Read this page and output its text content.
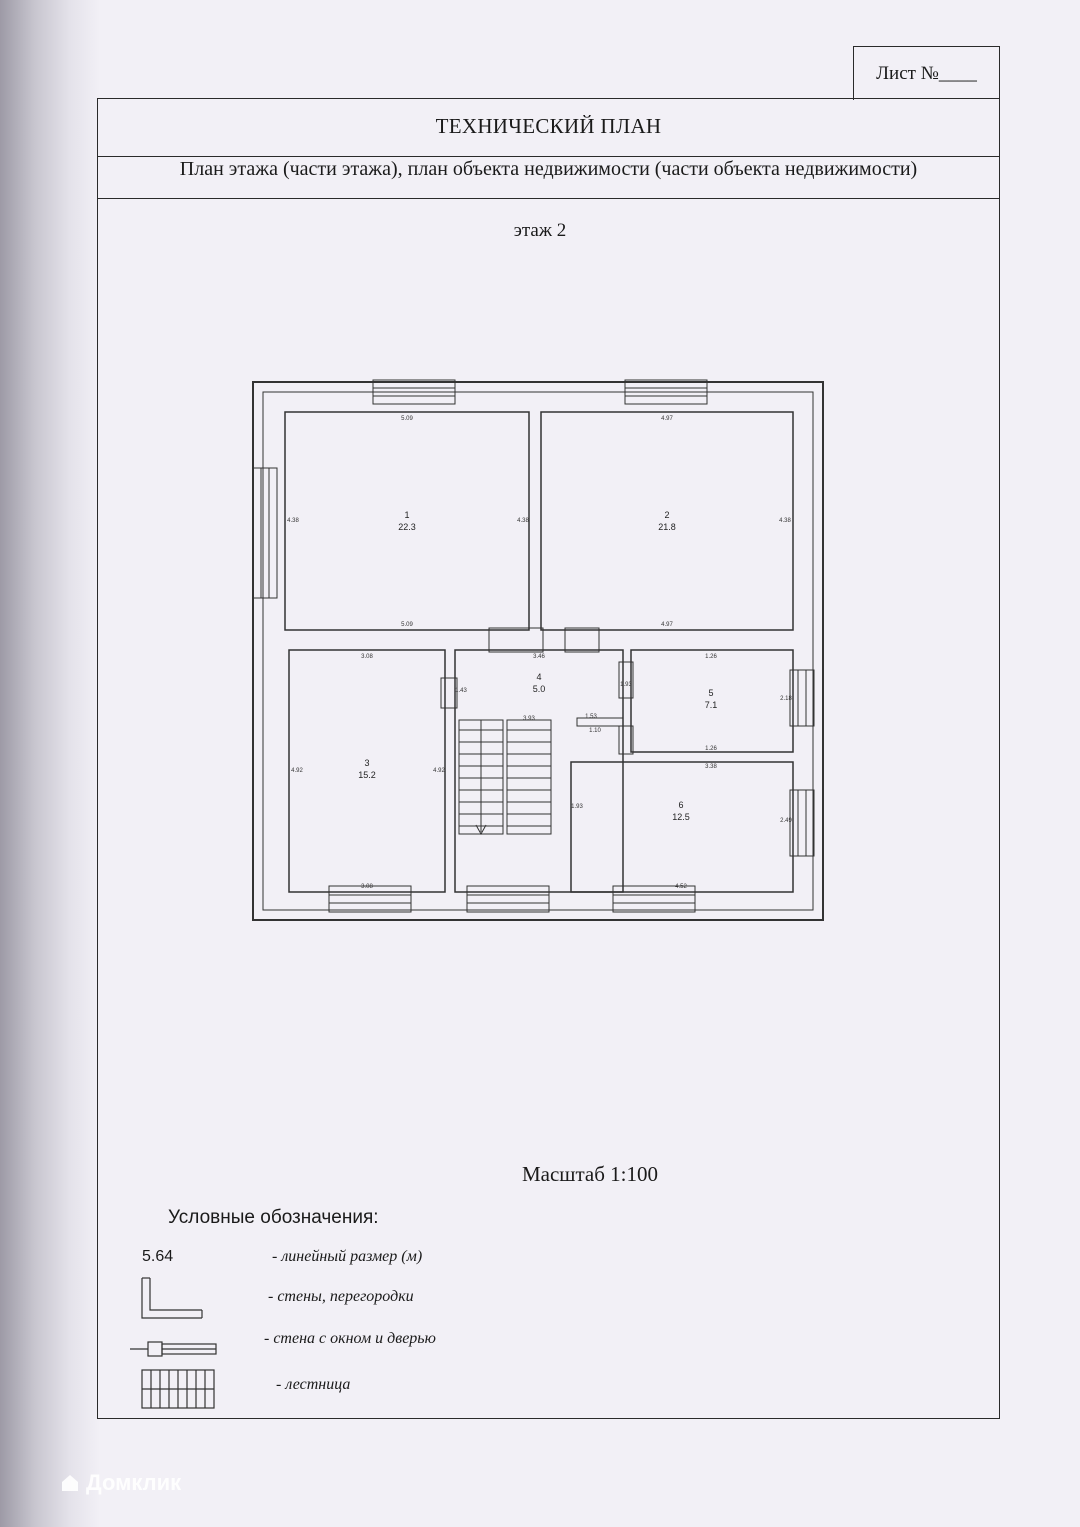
Лист №____
ТЕХНИЧЕСКИЙ ПЛАН
План этажа (части этажа), план объекта недвижимости (части объекта недвижимости)
этаж 2
1
22.3
2
21.8
3
15.2
4
5.0	5
7.1
6
12.5
5.09
5.09
4.38	4.38
4.97
4.97
4.38
3.08
3.08
4.92	4.92
3.46
1.43
3.93
1.26
1.26
2.18
1.93
3.38
4.52
2.49
1.93
1.53
1.10
Масштаб 1:100
Условные обозначения:
5.64	- линейный размер (м)
- стены, перегородки
- стена с окном и дверью
- лестница
Домклик
